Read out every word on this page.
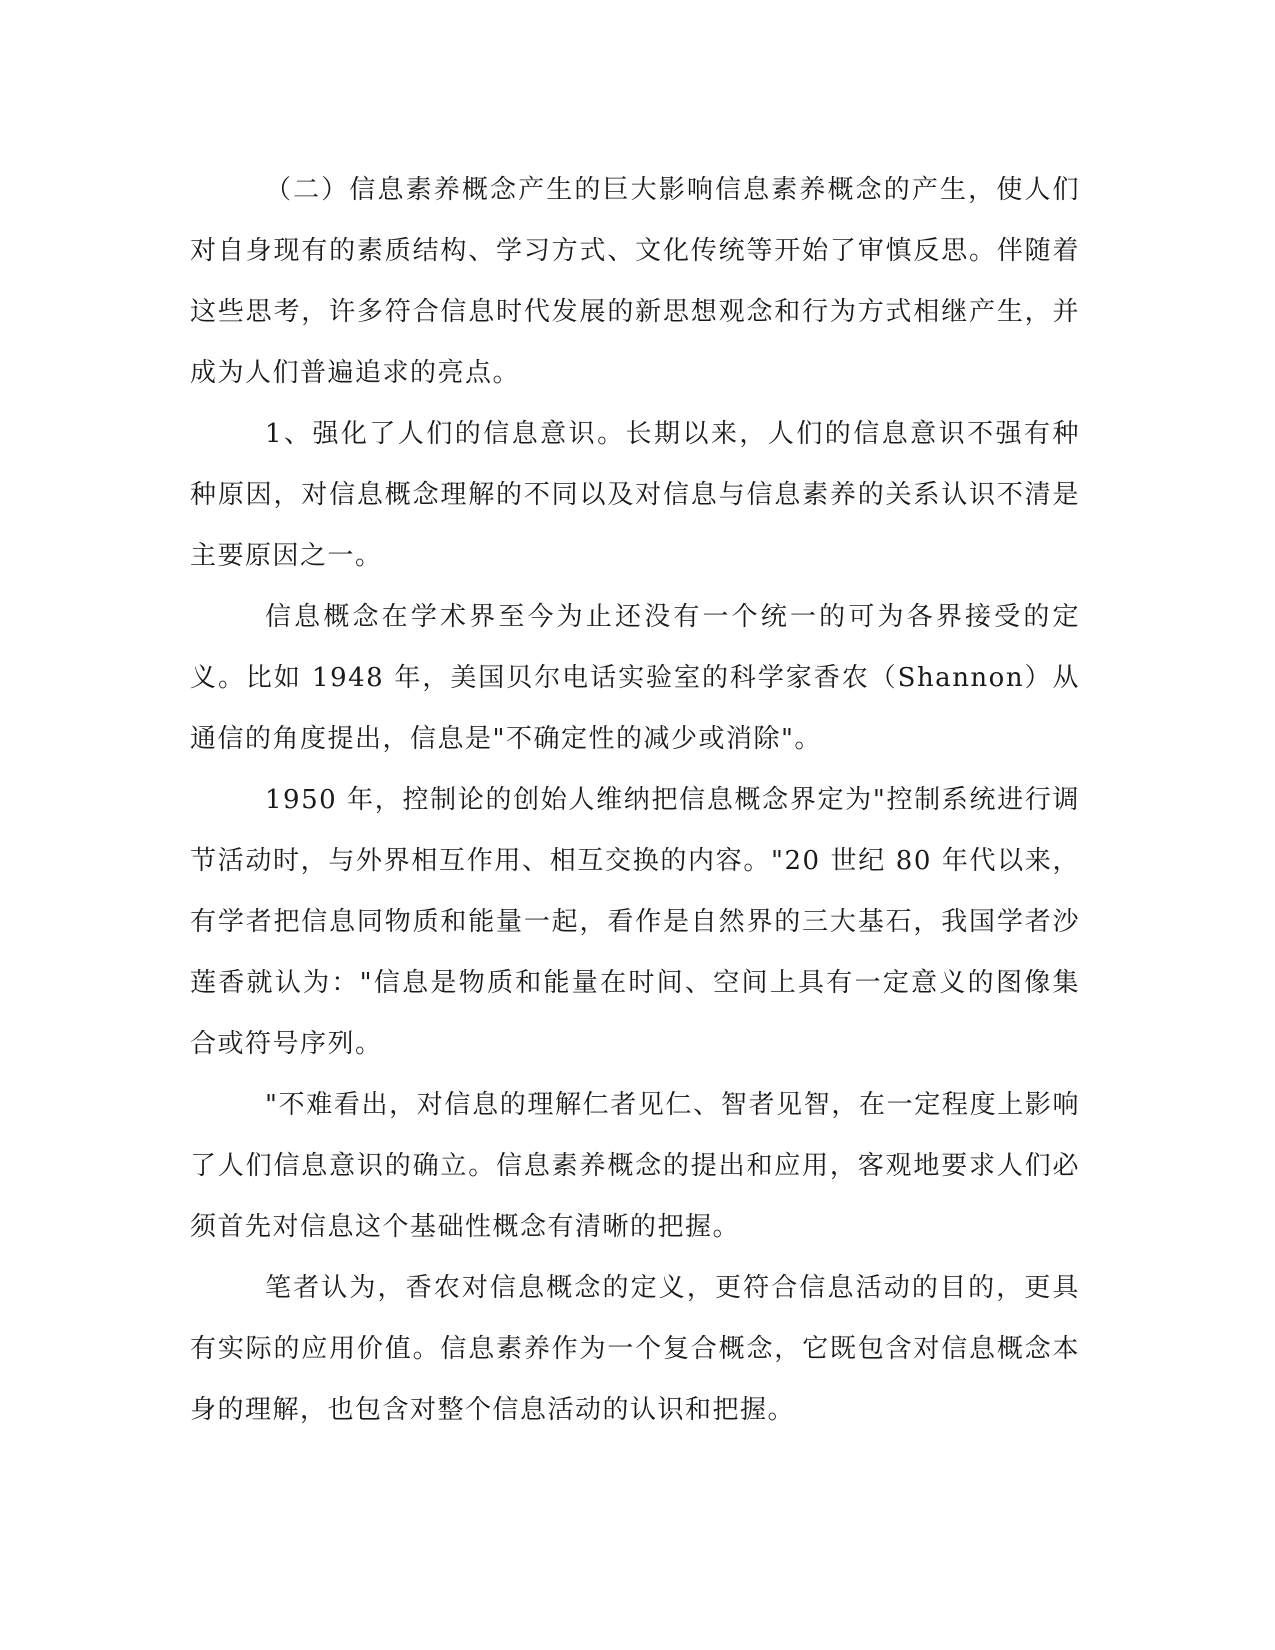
（二）信息素养概念产生的巨大影响信息素养概念的产生，使人们对自身现有的素质结构、学习方式、文化传统等开始了审慎反思。伴随着这些思考，许多符合信息时代发展的新思想观念和行为方式相继产生，并成为人们普遍追求的亮点。

1、强化了人们的信息意识。长期以来，人们的信息意识不强有种种原因，对信息概念理解的不同以及对信息与信息素养的关系认识不清是主要原因之一。

信息概念在学术界至今为止还没有一个统一的可为各界接受的定义。比如 1948 年，美国贝尔电话实验室的科学家香农（Shannon）从通信的角度提出，信息是"不确定性的减少或消除"。

1950 年，控制论的创始人维纳把信息概念界定为"控制系统进行调节活动时，与外界相互作用、相互交换的内容。"20 世纪 80 年代以来，有学者把信息同物质和能量一起，看作是自然界的三大基石，我国学者沙莲香就认为："信息是物质和能量在时间、空间上具有一定意义的图像集合或符号序列。

"不难看出，对信息的理解仁者见仁、智者见智，在一定程度上影响了人们信息意识的确立。信息素养概念的提出和应用，客观地要求人们必须首先对信息这个基础性概念有清晰的把握。

笔者认为，香农对信息概念的定义，更符合信息活动的目的，更具有实际的应用价值。信息素养作为一个复合概念，它既包含对信息概念本身的理解，也包含对整个信息活动的认识和把握。
